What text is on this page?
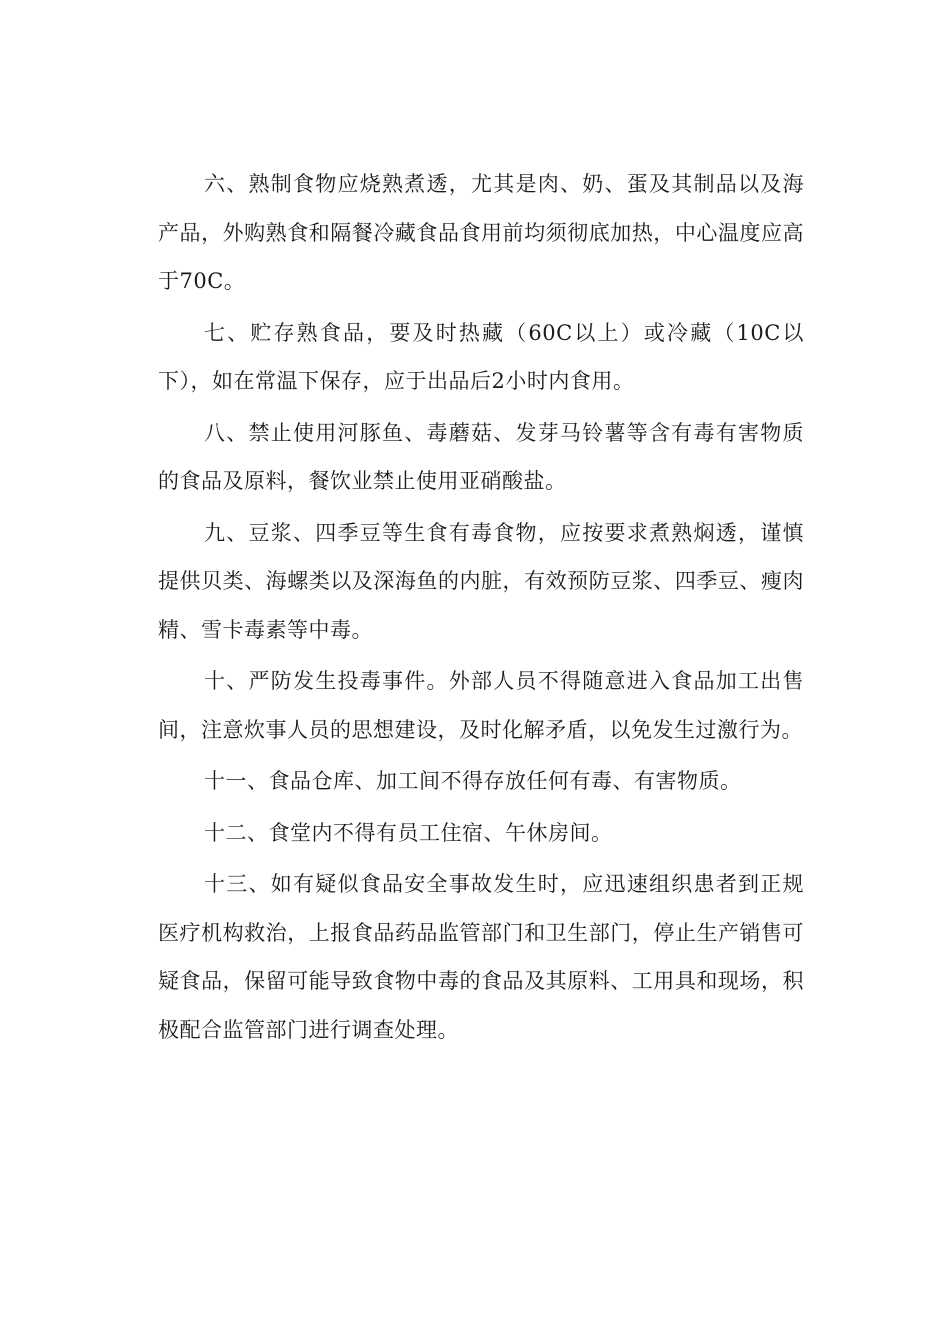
六、熟制食物应烧熟煮透，尤其是肉、奶、蛋及其制品以及海产品，外购熟食和隔餐冷藏食品食用前均须彻底加热，中心温度应高于70C。

七、贮存熟食品，要及时热藏（60C以上）或冷藏（10C以下），如在常温下保存，应于出品后2小时内食用。

八、禁止使用河豚鱼、毒蘑菇、发芽马铃薯等含有毒有害物质的食品及原料，餐饮业禁止使用亚硝酸盐。

九、豆浆、四季豆等生食有毒食物，应按要求煮熟焖透，谨慎提供贝类、海螺类以及深海鱼的内脏，有效预防豆浆、四季豆、瘦肉精、雪卡毒素等中毒。

十、严防发生投毒事件。外部人员不得随意进入食品加工出售间，注意炊事人员的思想建设，及时化解矛盾，以免发生过激行为。

十一、食品仓库、加工间不得存放任何有毒、有害物质。

十二、食堂内不得有员工住宿、午休房间。

十三、如有疑似食品安全事故发生时，应迅速组织患者到正规医疗机构救治，上报食品药品监管部门和卫生部门，停止生产销售可疑食品，保留可能导致食物中毒的食品及其原料、工用具和现场，积极配合监管部门进行调查处理。
